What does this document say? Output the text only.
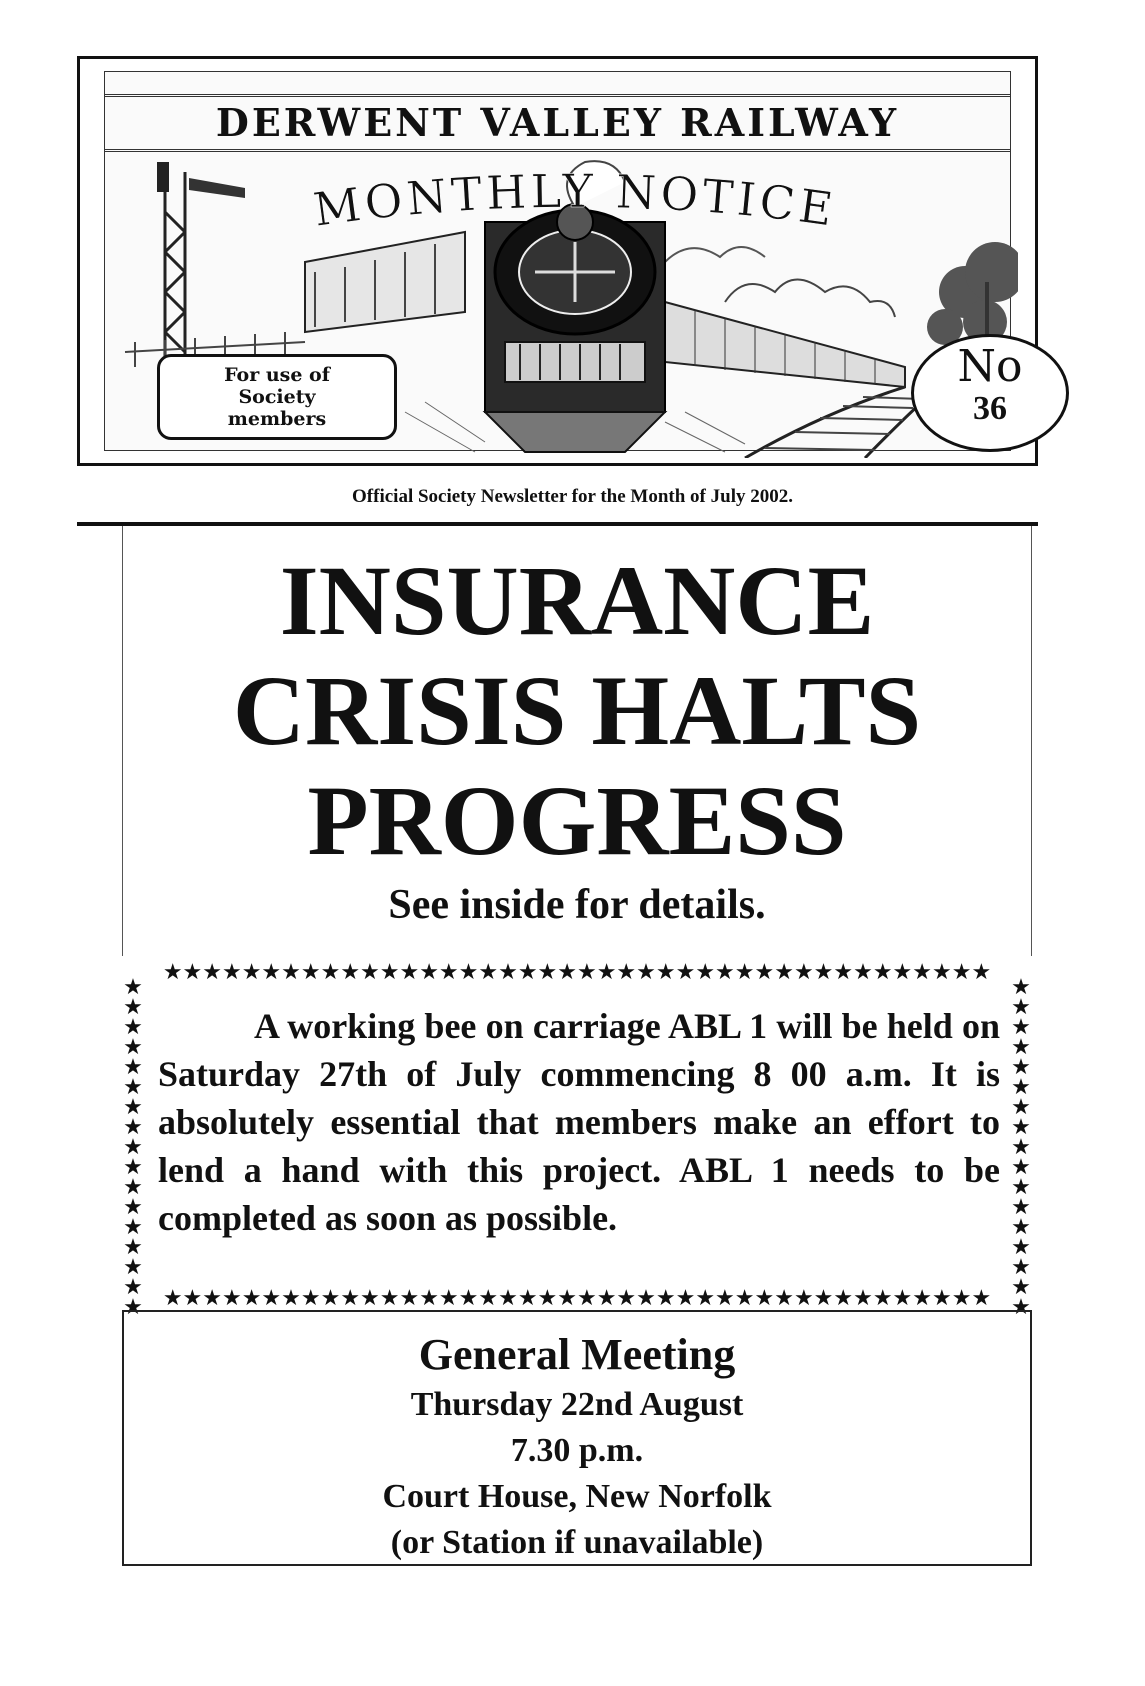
DERWENT VALLEY RAILWAY
MONTHLY NOTICE
For use of
Society
members
No
36
Official Society Newsletter for the Month of July 2002.
INSURANCE
CRISIS HALTS
PROGRESS
See inside for details.
★★★★★★★★★★★★★★★★★★★★★★★★★★★★★★★★★★★★★★★★★★
★★★★★★★★★★★★★★★★★
★★★★★★★★★★★★★★★★★
A working bee on carriage ABL 1 will be held on Saturday 27th of July commencing 8 00 a.m. It is absolutely essential that members make an effort to lend a hand with this project. ABL 1 needs to be completed as soon as possible.
★★★★★★★★★★★★★★★★★★★★★★★★★★★★★★★★★★★★★★★★★★
General Meeting
Thursday 22nd August
7.30 p.m.
Court House, New Norfolk
(or Station if unavailable)
